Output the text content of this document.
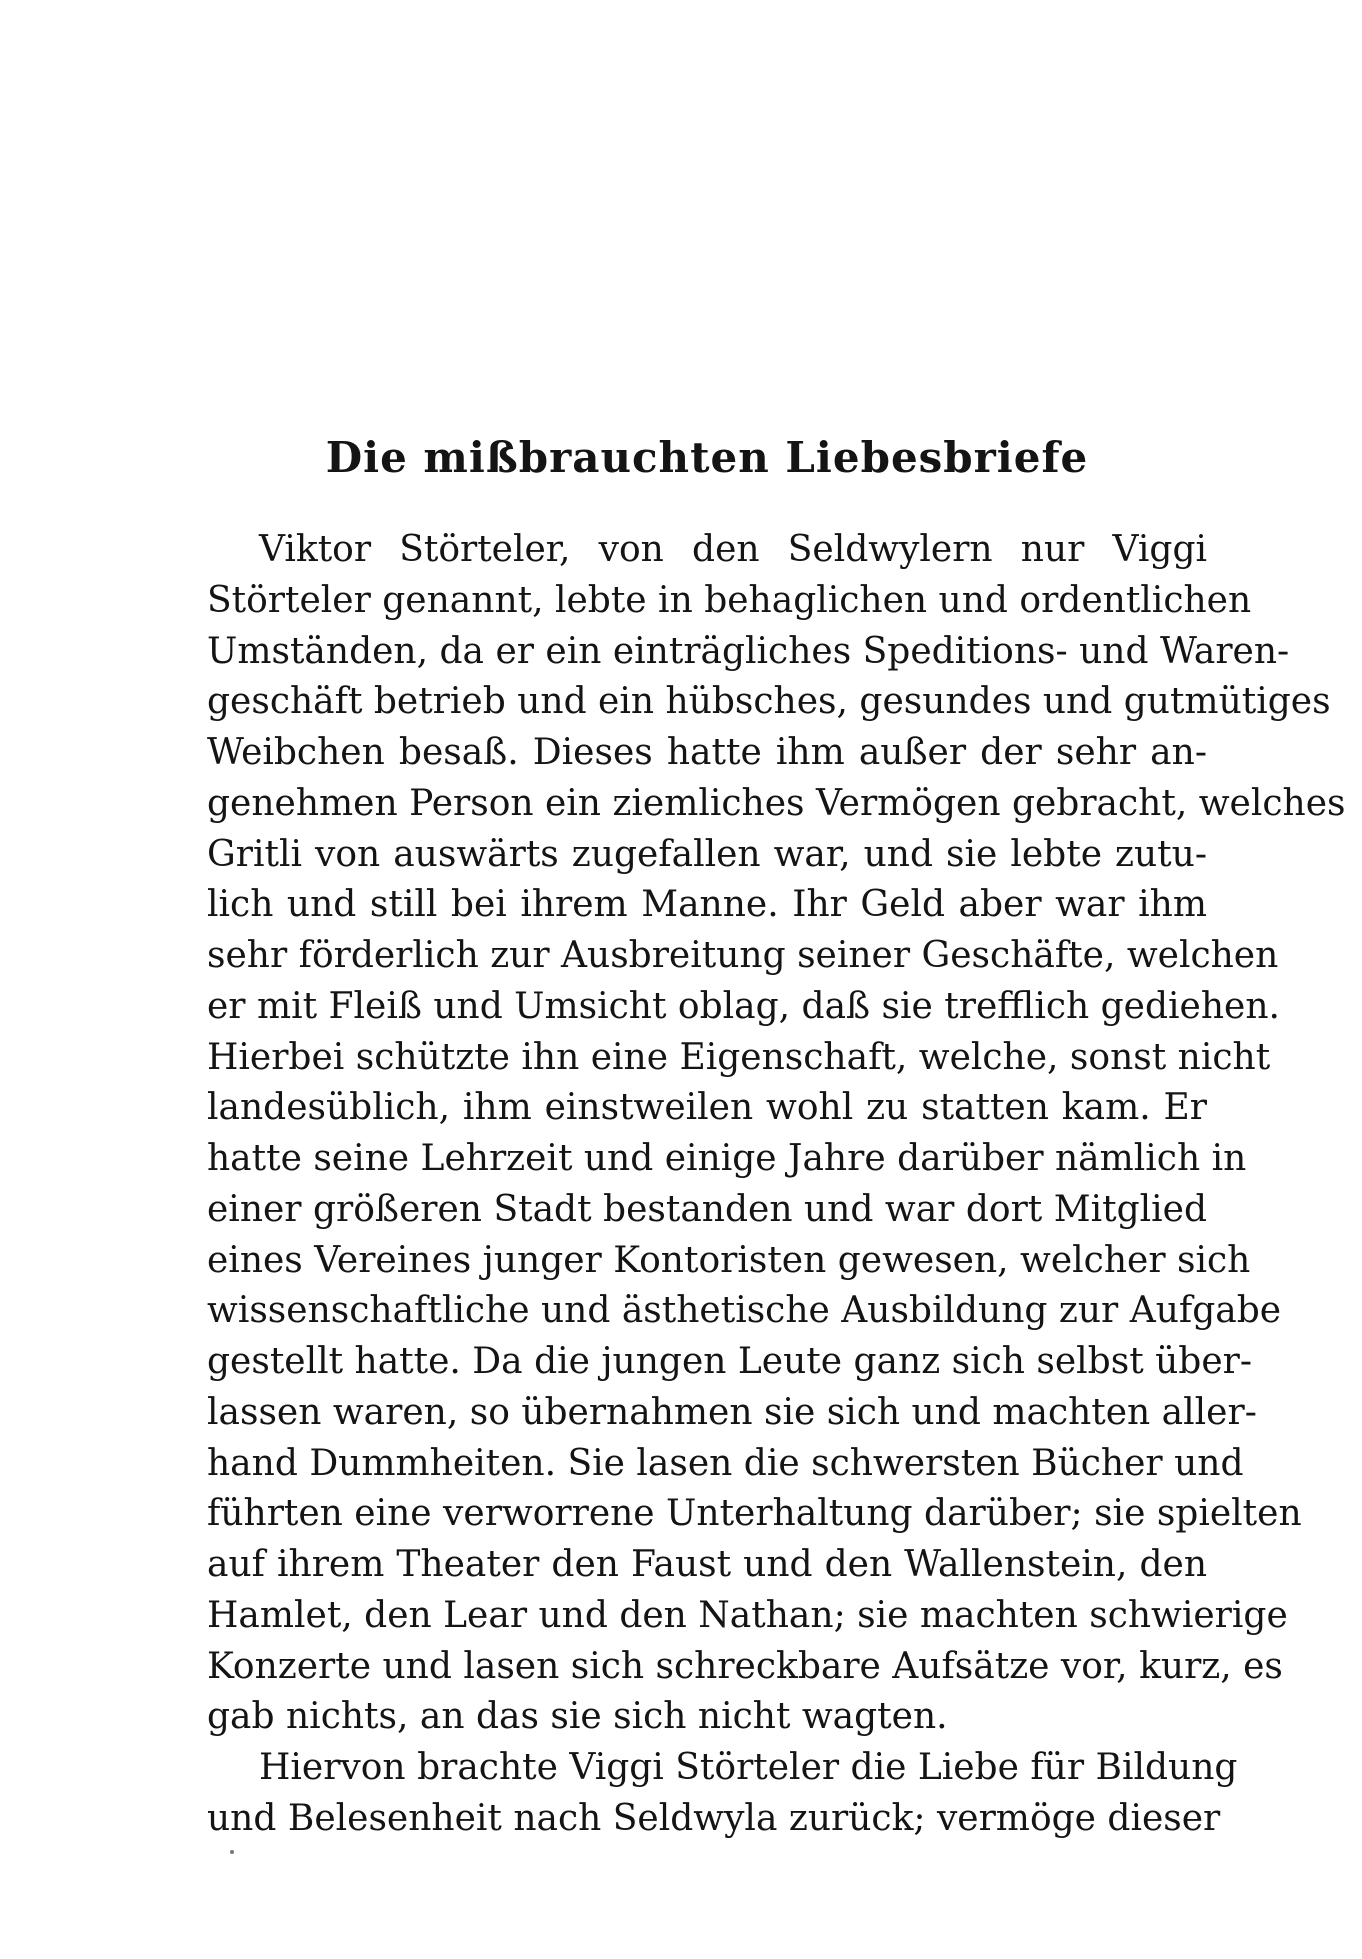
Die mißbrauchten Liebesbriefe
Viktor Störteler, von den Seldwylern nur Viggi
Störteler genannt, lebte in behaglichen und ordentlichen
Umständen, da er ein einträgliches Speditions- und Waren-
geschäft betrieb und ein hübsches, gesundes und gutmütiges
Weibchen besaß. Dieses hatte ihm außer der sehr an-
genehmen Person ein ziemliches Vermögen gebracht, welches
Gritli von auswärts zugefallen war, und sie lebte zutu-
lich und still bei ihrem Manne. Ihr Geld aber war ihm
sehr förderlich zur Ausbreitung seiner Geschäfte, welchen
er mit Fleiß und Umsicht oblag, daß sie trefflich gediehen.
Hierbei schützte ihn eine Eigenschaft, welche, sonst nicht
landesüblich, ihm einstweilen wohl zu statten kam. Er
hatte seine Lehrzeit und einige Jahre darüber nämlich in
einer größeren Stadt bestanden und war dort Mitglied
eines Vereines junger Kontoristen gewesen, welcher sich
wissenschaftliche und ästhetische Ausbildung zur Aufgabe
gestellt hatte. Da die jungen Leute ganz sich selbst über-
lassen waren, so übernahmen sie sich und machten aller-
hand Dummheiten. Sie lasen die schwersten Bücher und
führten eine verworrene Unterhaltung darüber; sie spielten
auf ihrem Theater den Faust und den Wallenstein, den
Hamlet, den Lear und den Nathan; sie machten schwierige
Konzerte und lasen sich schreckbare Aufsätze vor, kurz, es
gab nichts, an das sie sich nicht wagten.
Hiervon brachte Viggi Störteler die Liebe für Bildung
und Belesenheit nach Seldwyla zurück; vermöge dieser
